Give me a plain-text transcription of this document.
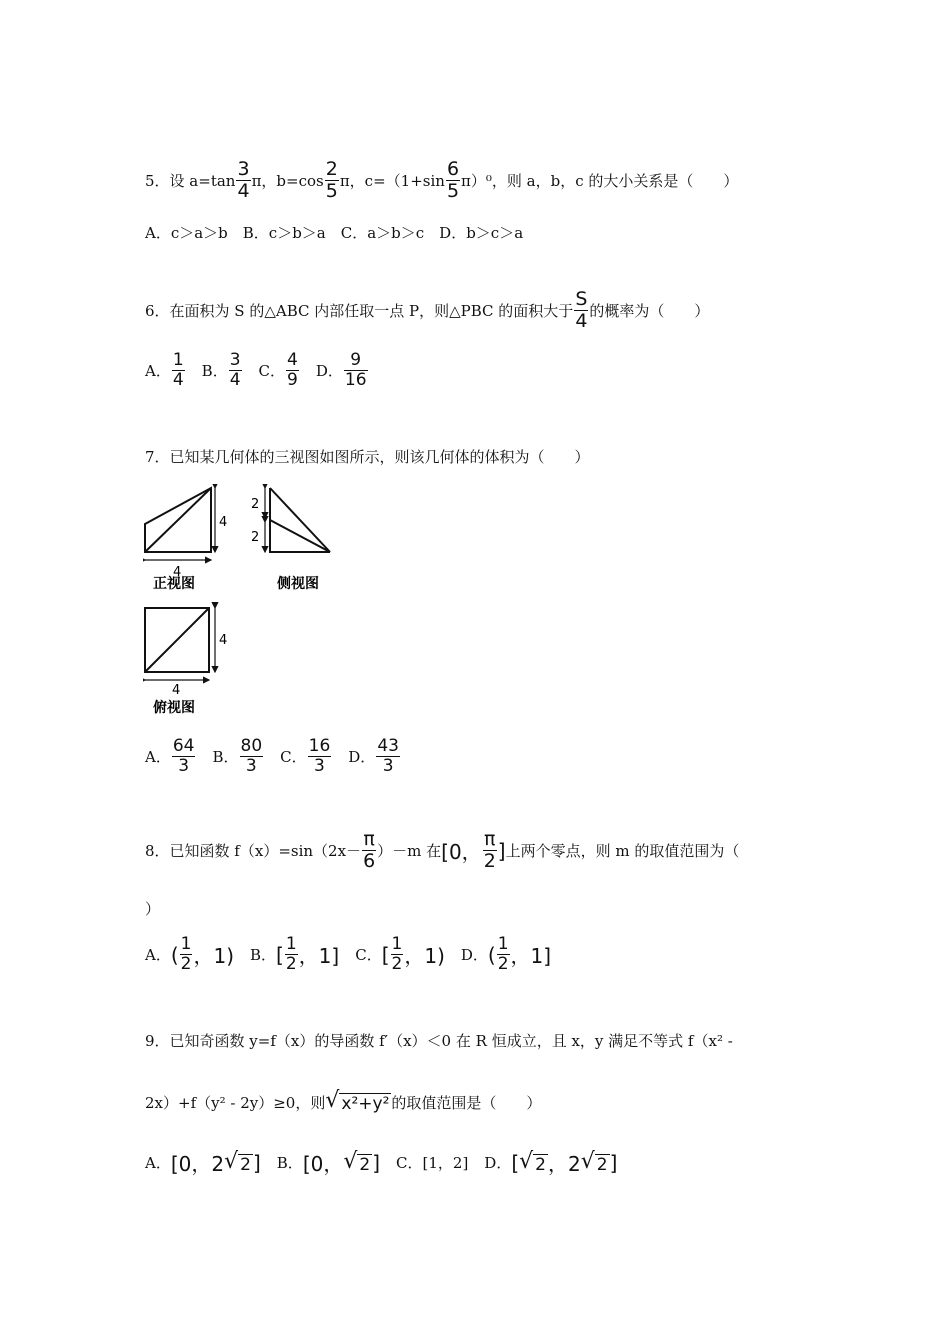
5．设 $a=\tan \frac{3}{4}$ π，$b=\cos \frac{2}{5}$ π，$c=(1+\sin \frac{6}{5} \pi)^0$，则 a，b，c 的大小关系是（　　）
A．c＞a＞b　B．c＞b＞a　C．a＞b＞c　D．b＞c＞a
6．在面积为 S 的△ABC 内部任取一点 P，则△PBC 的面积大于 $\frac{S}{4}$ 的概率为（　　）
A． $\frac{1}{4}$ B． $\frac{3}{4}$ C． $\frac{4}{9}$ D． $\frac{9}{16}$
7．已知某几何体的三视图如图所示，则该几何体的体积为（　　）
4
4
正视图
2
2
侧视图
4
4
俯视图
A． $\frac{64}{3}$ B． $\frac{80}{3}$ C． $\frac{16}{3}$ D． $\frac{43}{3}$
8．已知函数 $f(x)=\sin(2x- \frac{\pi}{6} )-m$ 在 [0， $\frac{\pi}{2}$ ] 上两个零点，则 m 的取值范围为（
）
A． ( $\frac{1}{2}$ ，1) B． [ $\frac{1}{2}$ ，1] C． [ $\frac{1}{2}$ ，1) D． ( $\frac{1}{2}$ ，1]
9．已知奇函数 y=f（x）的导函数 f′（x）＜0 在 R 恒成立，且 x，y 满足不等式 f（x² -
2x）+f（y² - 2y）≥0，则 √ x²+y² 的取值范围是（　　）
A． [0，2 √ 2 ] B． [0， √ 2 ] C． [1，2] D． [ √ 2 ，2 √ 2 ]
